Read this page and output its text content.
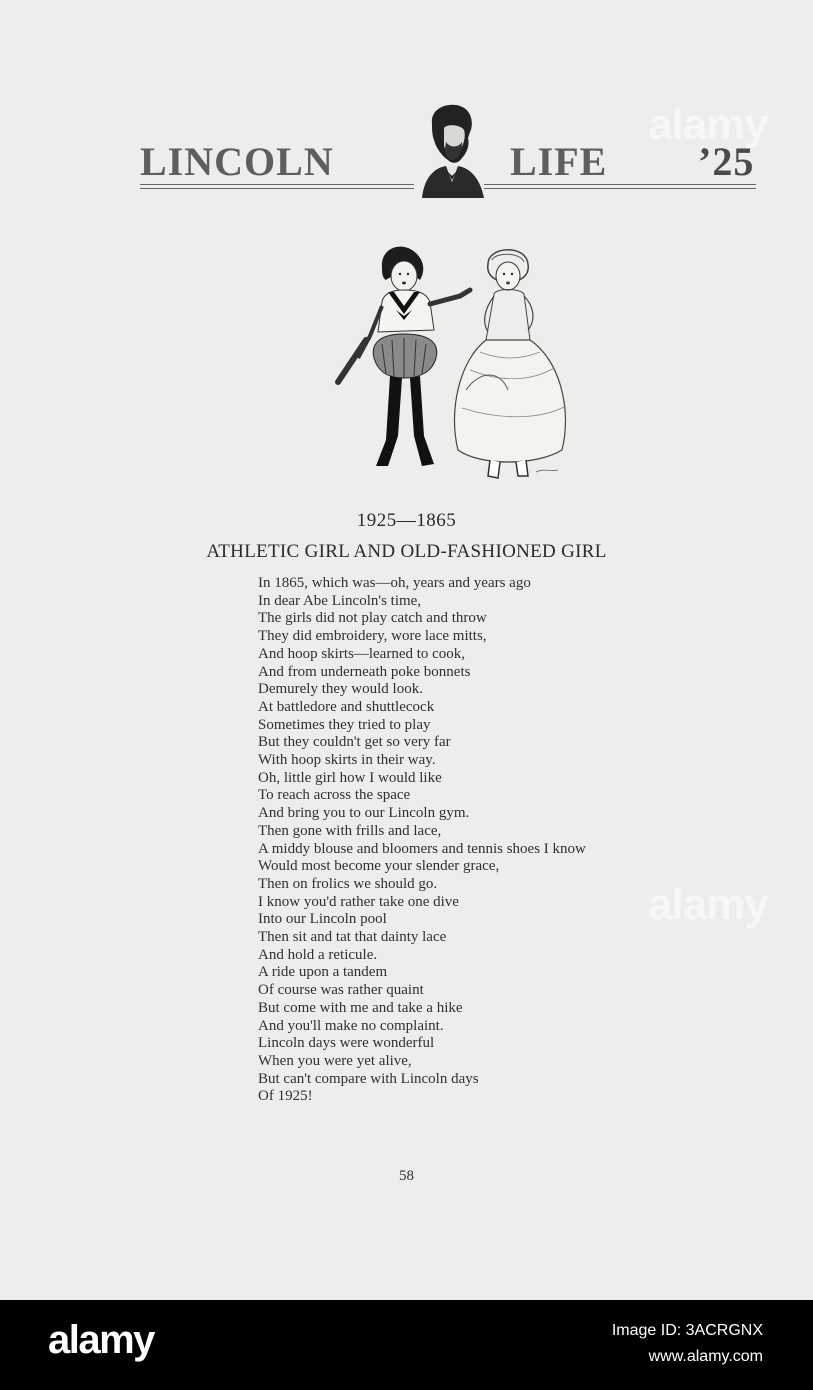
LINCOLN	LIFE ’25
1925—1865
ATHLETIC GIRL AND OLD-FASHIONED GIRL
In 1865, which was—oh, years and years ago
In dear Abe Lincoln's time,
The girls did not play catch and throw
They did embroidery, wore lace mitts,
And hoop skirts—learned to cook,
And from underneath poke bonnets
Demurely they would look.
At battledore and shuttlecock
Sometimes they tried to play
But they couldn't get so very far
With hoop skirts in their way.
Oh, little girl how I would like
To reach across the space
And bring you to our Lincoln gym.
Then gone with frills and lace,
A middy blouse and bloomers and tennis shoes I know
Would most become your slender grace,
Then on frolics we should go.
I know you'd rather take one dive
Into our Lincoln pool
Then sit and tat that dainty lace
And hold a reticule.
A ride upon a tandem
Of course was rather quaint
But come with me and take a hike
And you'll make no complaint.
Lincoln days were wonderful
When you were yet alive,
But can't compare with Lincoln days
Of 1925!
58
alamy
alamy
alamy	Image ID: 3ACRGNX
www.alamy.com
